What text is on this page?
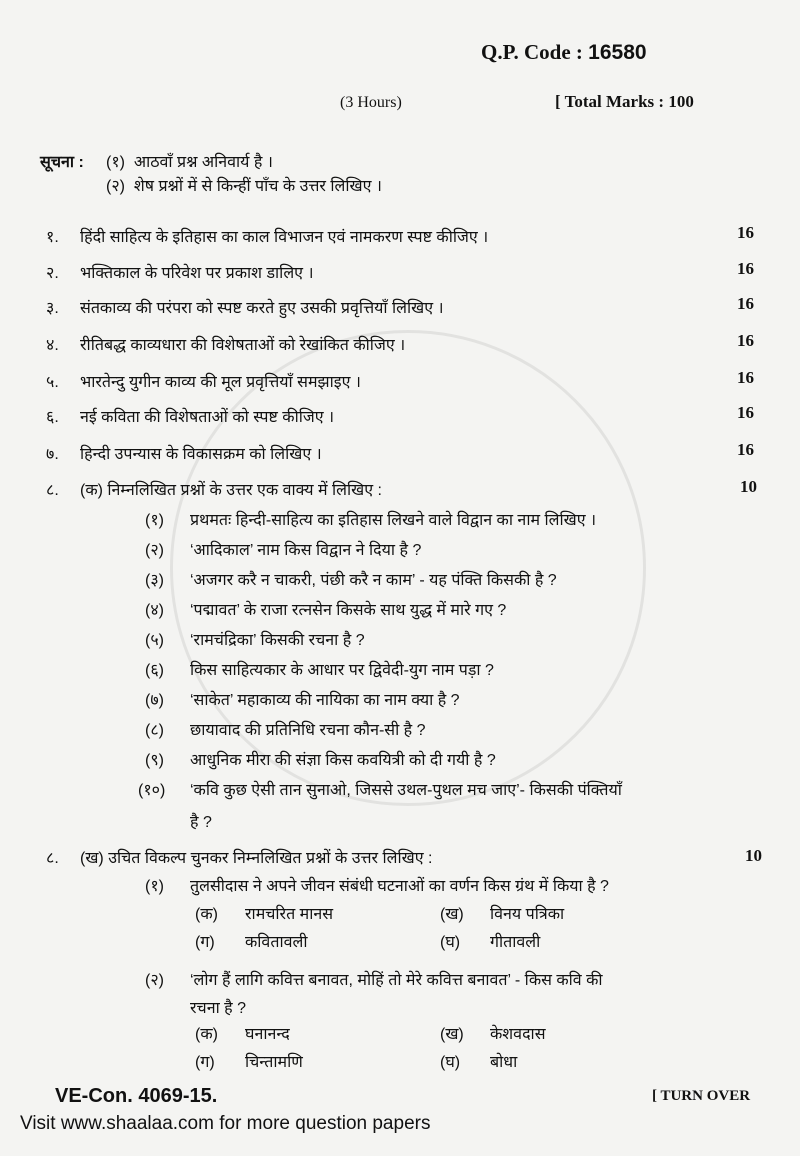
Q.P. Code : 16580
(3 Hours)	[ Total Marks : 100
सूचना : (१) आठवाँ प्रश्न अनिवार्य है ।
(२) शेष प्रश्नों में से किन्हीं पाँच के उत्तर लिखिए ।
१. हिंदी साहित्य के इतिहास का काल विभाजन एवं नामकरण स्पष्ट कीजिए ।	16
२. भक्तिकाल के परिवेश पर प्रकाश डालिए ।	16
३. संतकाव्य की परंपरा को स्पष्ट करते हुए उसकी प्रवृत्तियाँ लिखिए ।	16
४. रीतिबद्ध काव्यधारा की विशेषताओं को रेखांकित कीजिए ।	16
५. भारतेन्दु युगीन काव्य की मूल प्रवृत्तियाँ समझाइए ।	16
६. नई कविता की विशेषताओं को स्पष्ट कीजिए ।	16
७. हिन्दी उपन्यास के विकासक्रम को लिखिए ।	16
८. (क) निम्नलिखित प्रश्नों के उत्तर एक वाक्य में लिखिए :	10
(१) प्रथमतः हिन्दी-साहित्य का इतिहास लिखने वाले विद्वान का नाम लिखिए ।
(२) ‘आदिकाल’ नाम किस विद्वान ने दिया है ?
(३) ‘अजगर करै न चाकरी, पंछी करै न काम’ - यह पंक्ति किसकी है ?
(४) ‘पद्मावत’ के राजा रत्नसेन किसके साथ युद्ध में मारे गए ?
(५) ‘रामचंद्रिका’ किसकी रचना है ?
(६) किस साहित्यकार के आधार पर द्विवेदी-युग नाम पड़ा ?
(७) ‘साकेत’ महाकाव्य की नायिका का नाम क्या है ?
(८) छायावाद की प्रतिनिधि रचना कौन-सी है ?
(९) आधुनिक मीरा की संज्ञा किस कवयित्री को दी गयी है ?
(१०) ‘कवि कुछ ऐसी तान सुनाओ, जिससे उथल-पुथल मच जाए’- किसकी पंक्तियाँ
है ?
८. (ख) उचित विकल्प चुनकर निम्नलिखित प्रश्नों के उत्तर लिखिए :	10
(१) तुलसीदास ने अपने जीवन संबंधी घटनाओं का वर्णन किस ग्रंथ में किया है ?
(क) रामचरित मानस	(ख) विनय पत्रिका
(ग) कवितावली	(घ) गीतावली
(२) ‘लोग हैं लागि कवित्त बनावत, मोहिं तो मेरे कवित्त बनावत’ - किस कवि की
रचना है ?
(क) घनानन्द	(ख) केशवदास
(ग) चिन्तामणि	(घ) बोधा
VE-Con. 4069-15.	[ TURN OVER
Visit www.shaalaa.com for more question papers
